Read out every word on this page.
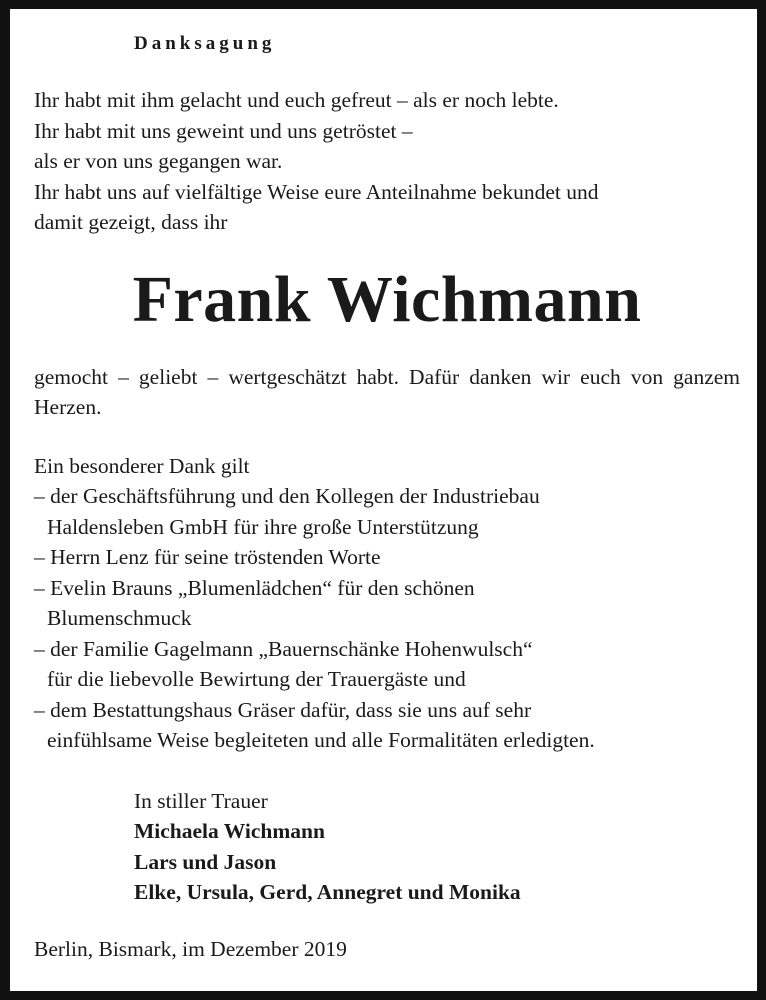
Danksagung
Ihr habt mit ihm gelacht und euch gefreut – als er noch lebte.
Ihr habt mit uns geweint und uns getröstet –
als er von uns gegangen war.
Ihr habt uns auf vielfältige Weise eure Anteilnahme bekundet und
damit gezeigt, dass ihr
Frank Wichmann
gemocht – geliebt – wertgeschätzt habt. Dafür danken wir euch von ganzem Herzen.
Ein besonderer Dank gilt
– der Geschäftsführung und den Kollegen der Industriebau
Haldensleben GmbH für ihre große Unterstützung
– Herrn Lenz für seine tröstenden Worte
– Evelin Brauns „Blumenlädchen“ für den schönen
Blumenschmuck
– der Familie Gagelmann „Bauernschänke Hohenwulsch“
für die liebevolle Bewirtung der Trauergäste und
– dem Bestattungshaus Gräser dafür, dass sie uns auf sehr
einfühlsame Weise begleiteten und alle Formalitäten erledigten.
In stiller Trauer
Michaela Wichmann
Lars und Jason
Elke, Ursula, Gerd, Annegret und Monika
Berlin, Bismark, im Dezember 2019
